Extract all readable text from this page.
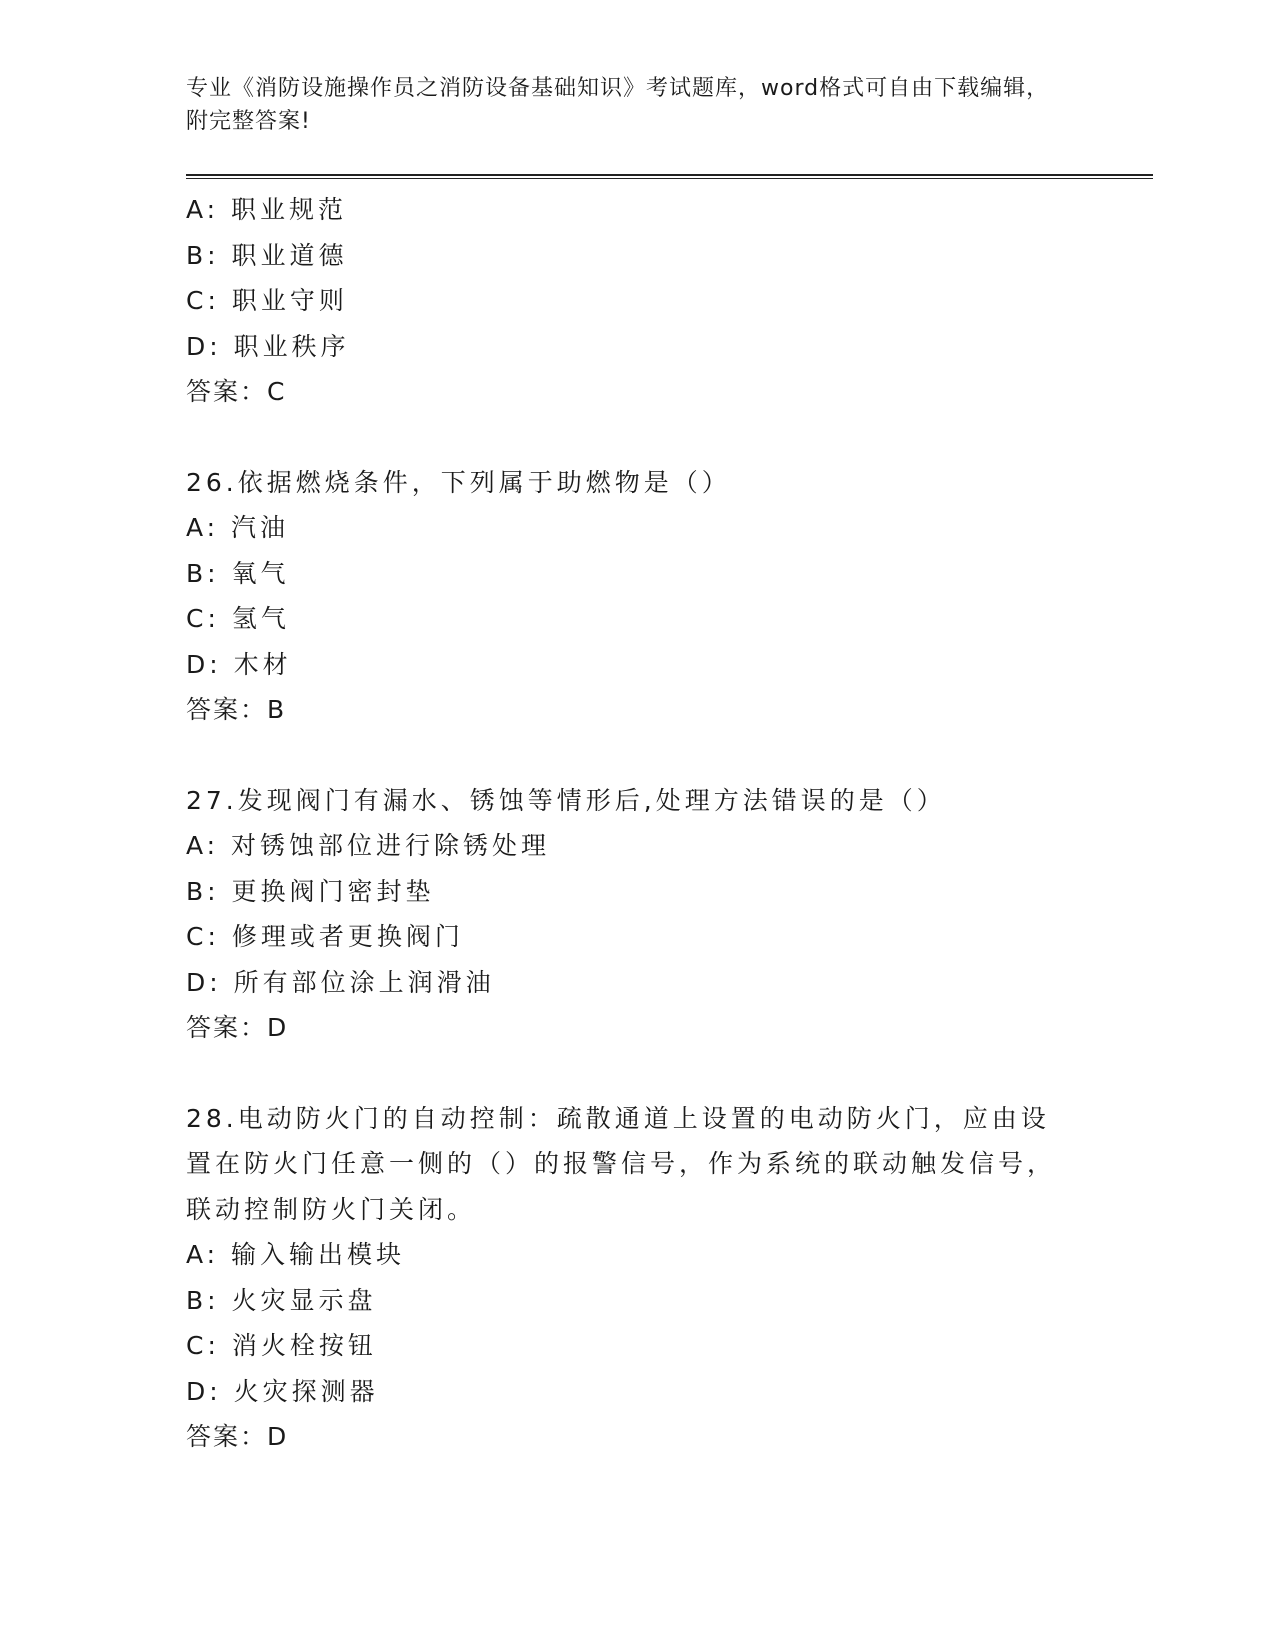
专业《消防设施操作员之消防设备基础知识》考试题库，word格式可自由下载编辑，附完整答案!

A: 职业规范
B: 职业道德
C: 职业守则
D: 职业秩序
答案：C
26.依据燃烧条件，下列属于助燃物是（）
A: 汽油
B: 氧气
C: 氢气
D: 木材
答案：B
27.发现阀门有漏水、锈蚀等情形后,处理方法错误的是（）
A: 对锈蚀部位进行除锈处理
B: 更换阀门密封垫
C: 修理或者更换阀门
D: 所有部位涂上润滑油
答案：D
28.电动防火门的自动控制：疏散通道上设置的电动防火门，应由设置在防火门任意一侧的（）的报警信号，作为系统的联动触发信号，联动控制防火门关闭。
A: 输入输出模块
B: 火灾显示盘
C: 消火栓按钮
D: 火灾探测器
答案：D
